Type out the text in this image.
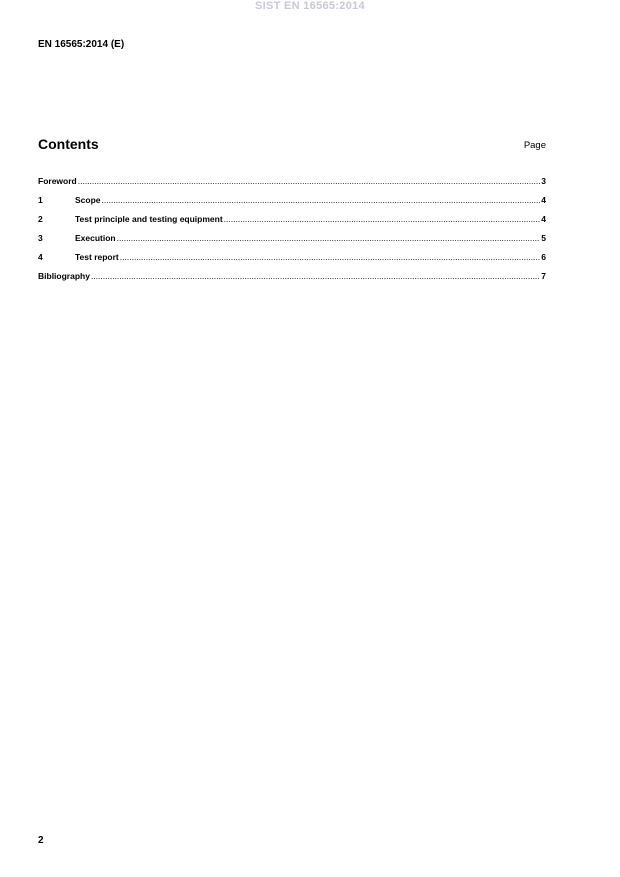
SIST EN 16565:2014
EN 16565:2014 (E)
Contents	Page
Foreword .....	3
1	Scope .....	4
2	Test principle and testing equipment .....	4
3	Execution .....	5
4	Test report .....	6
Bibliography .....	7
2
